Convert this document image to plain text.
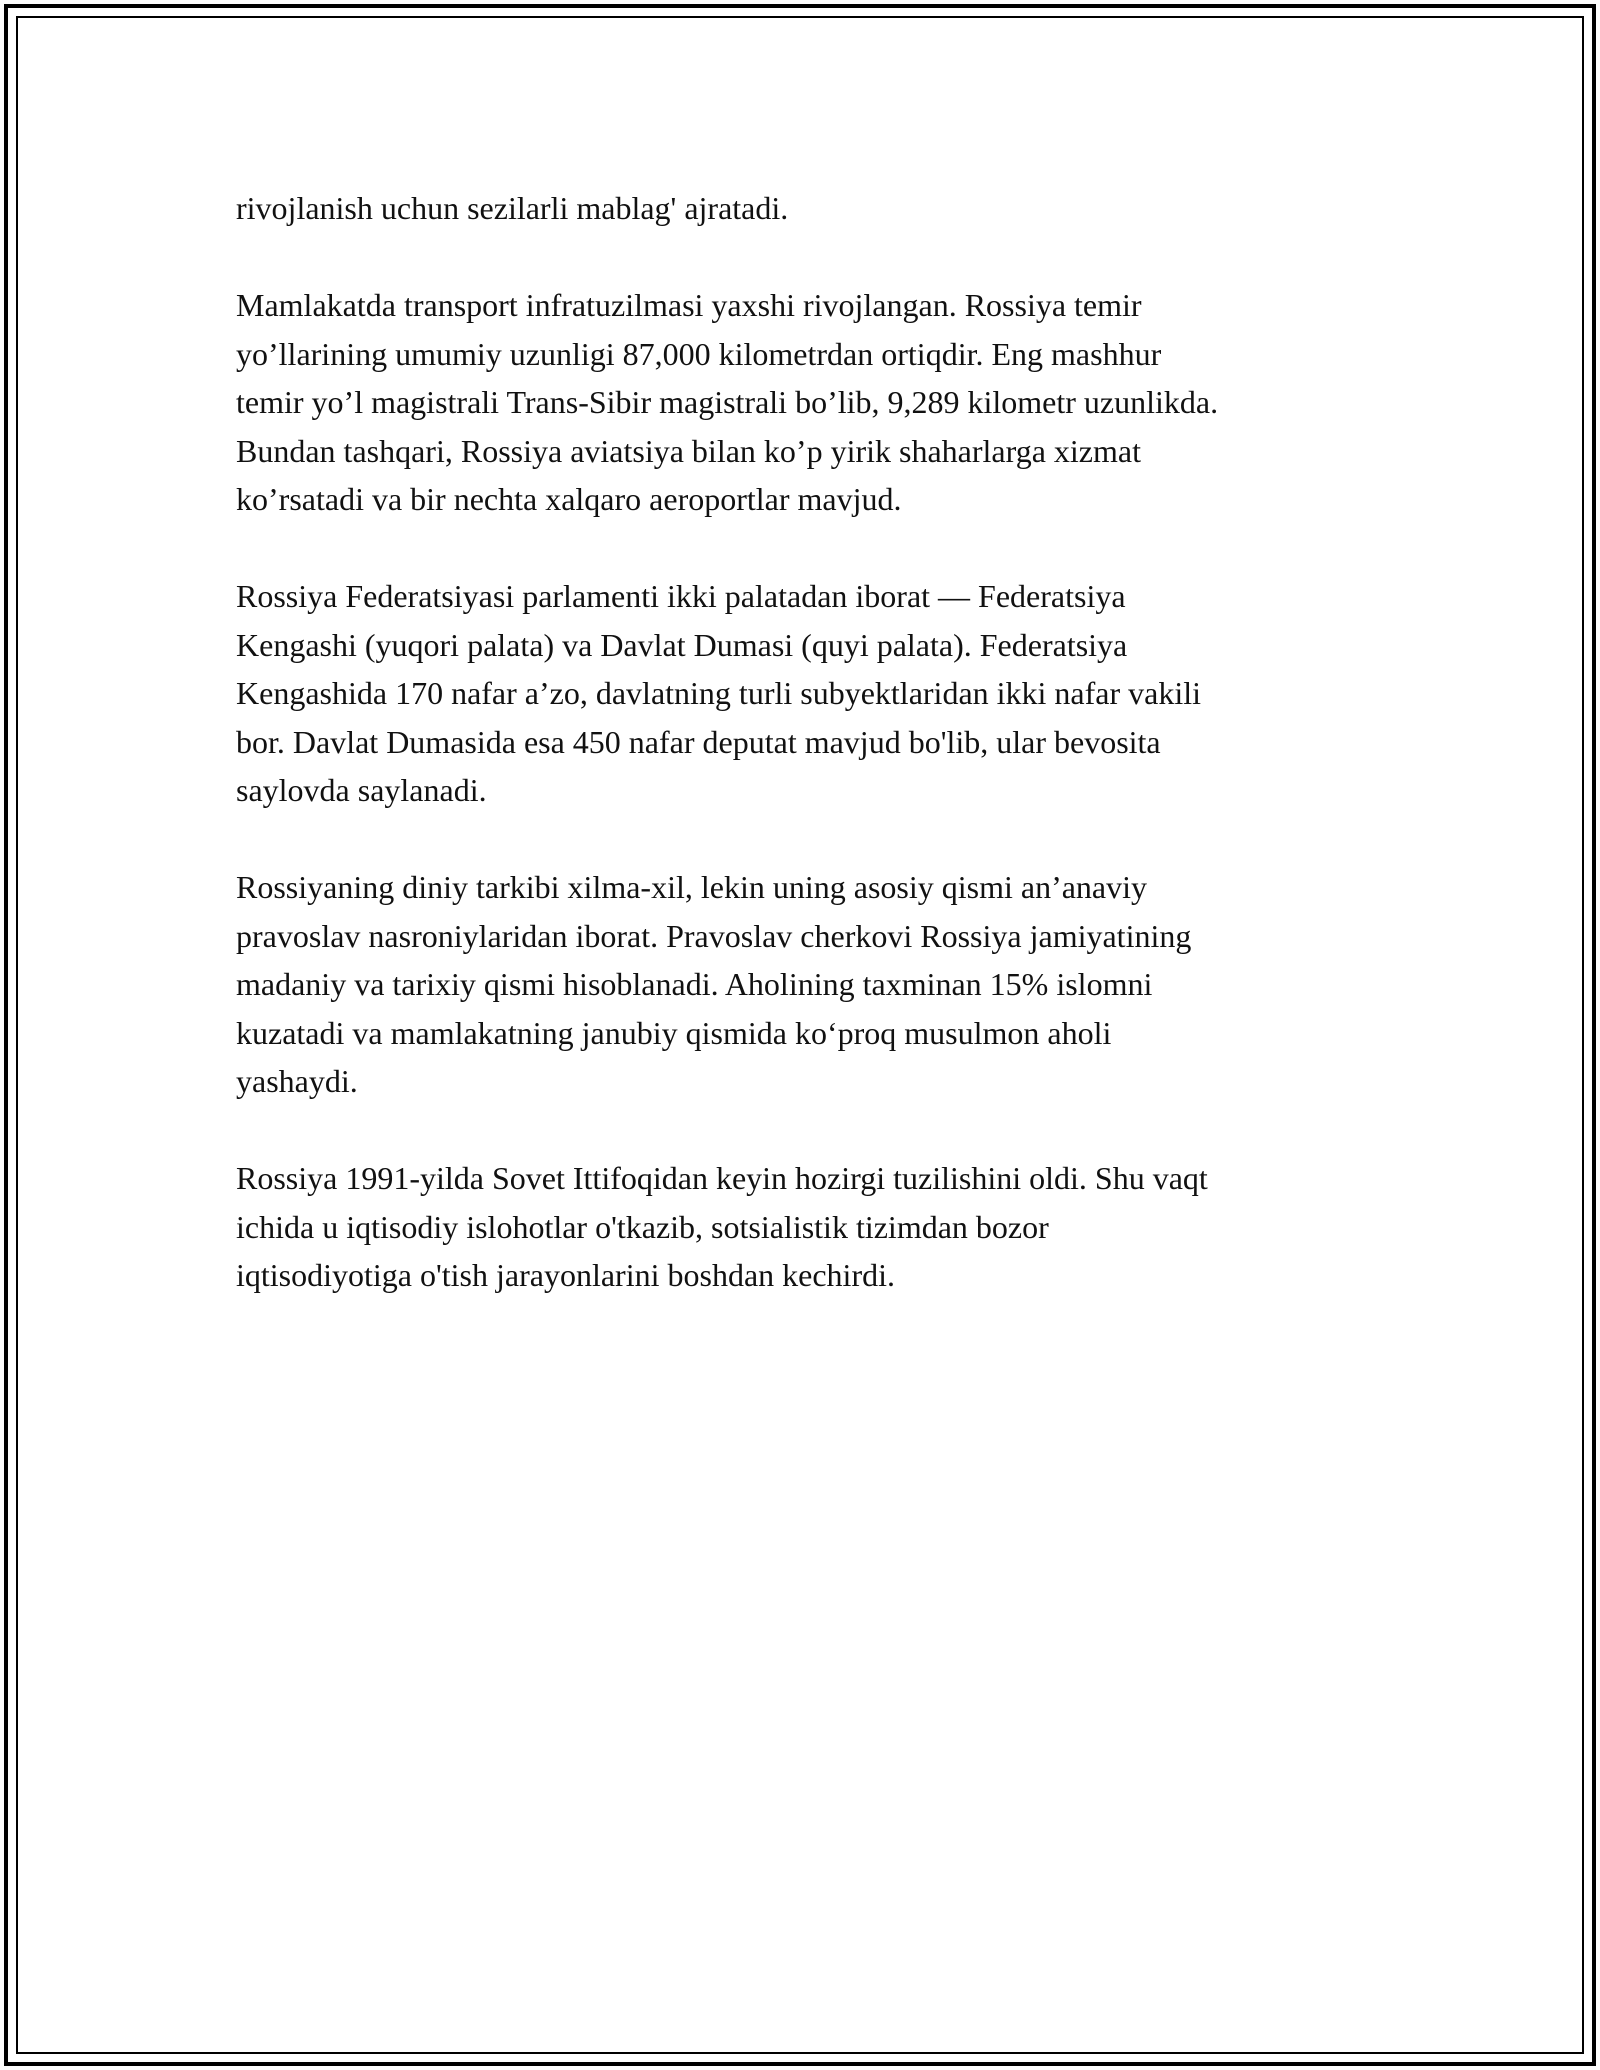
rivojlanish uchun sezilarli mablag' ajratadi.

Mamlakatda transport infratuzilmasi yaxshi rivojlangan. Rossiya temir
yo’llarining umumiy uzunligi 87,000 kilometrdan ortiqdir. Eng mashhur
temir yo’l magistrali Trans-Sibir magistrali bo’lib, 9,289 kilometr uzunlikda.
Bundan tashqari, Rossiya aviatsiya bilan ko’p yirik shaharlarga xizmat
ko’rsatadi va bir nechta xalqaro aeroportlar mavjud.

Rossiya Federatsiyasi parlamenti ikki palatadan iborat — Federatsiya
Kengashi (yuqori palata) va Davlat Dumasi (quyi palata). Federatsiya
Kengashida 170 nafar a’zo, davlatning turli subyektlaridan ikki nafar vakili
bor. Davlat Dumasida esa 450 nafar deputat mavjud bo'lib, ular bevosita
saylovda saylanadi.

Rossiyaning diniy tarkibi xilma-xil, lekin uning asosiy qismi an’anaviy
pravoslav nasroniylaridan iborat. Pravoslav cherkovi Rossiya jamiyatining
madaniy va tarixiy qismi hisoblanadi. Aholining taxminan 15% islomni
kuzatadi va mamlakatning janubiy qismida ko‘proq musulmon aholi
yashaydi.

Rossiya 1991-yilda Sovet Ittifoqidan keyin hozirgi tuzilishini oldi. Shu vaqt
ichida u iqtisodiy islohotlar o'tkazib, sotsialistik tizimdan bozor
iqtisodiyotiga o'tish jarayonlarini boshdan kechirdi.
